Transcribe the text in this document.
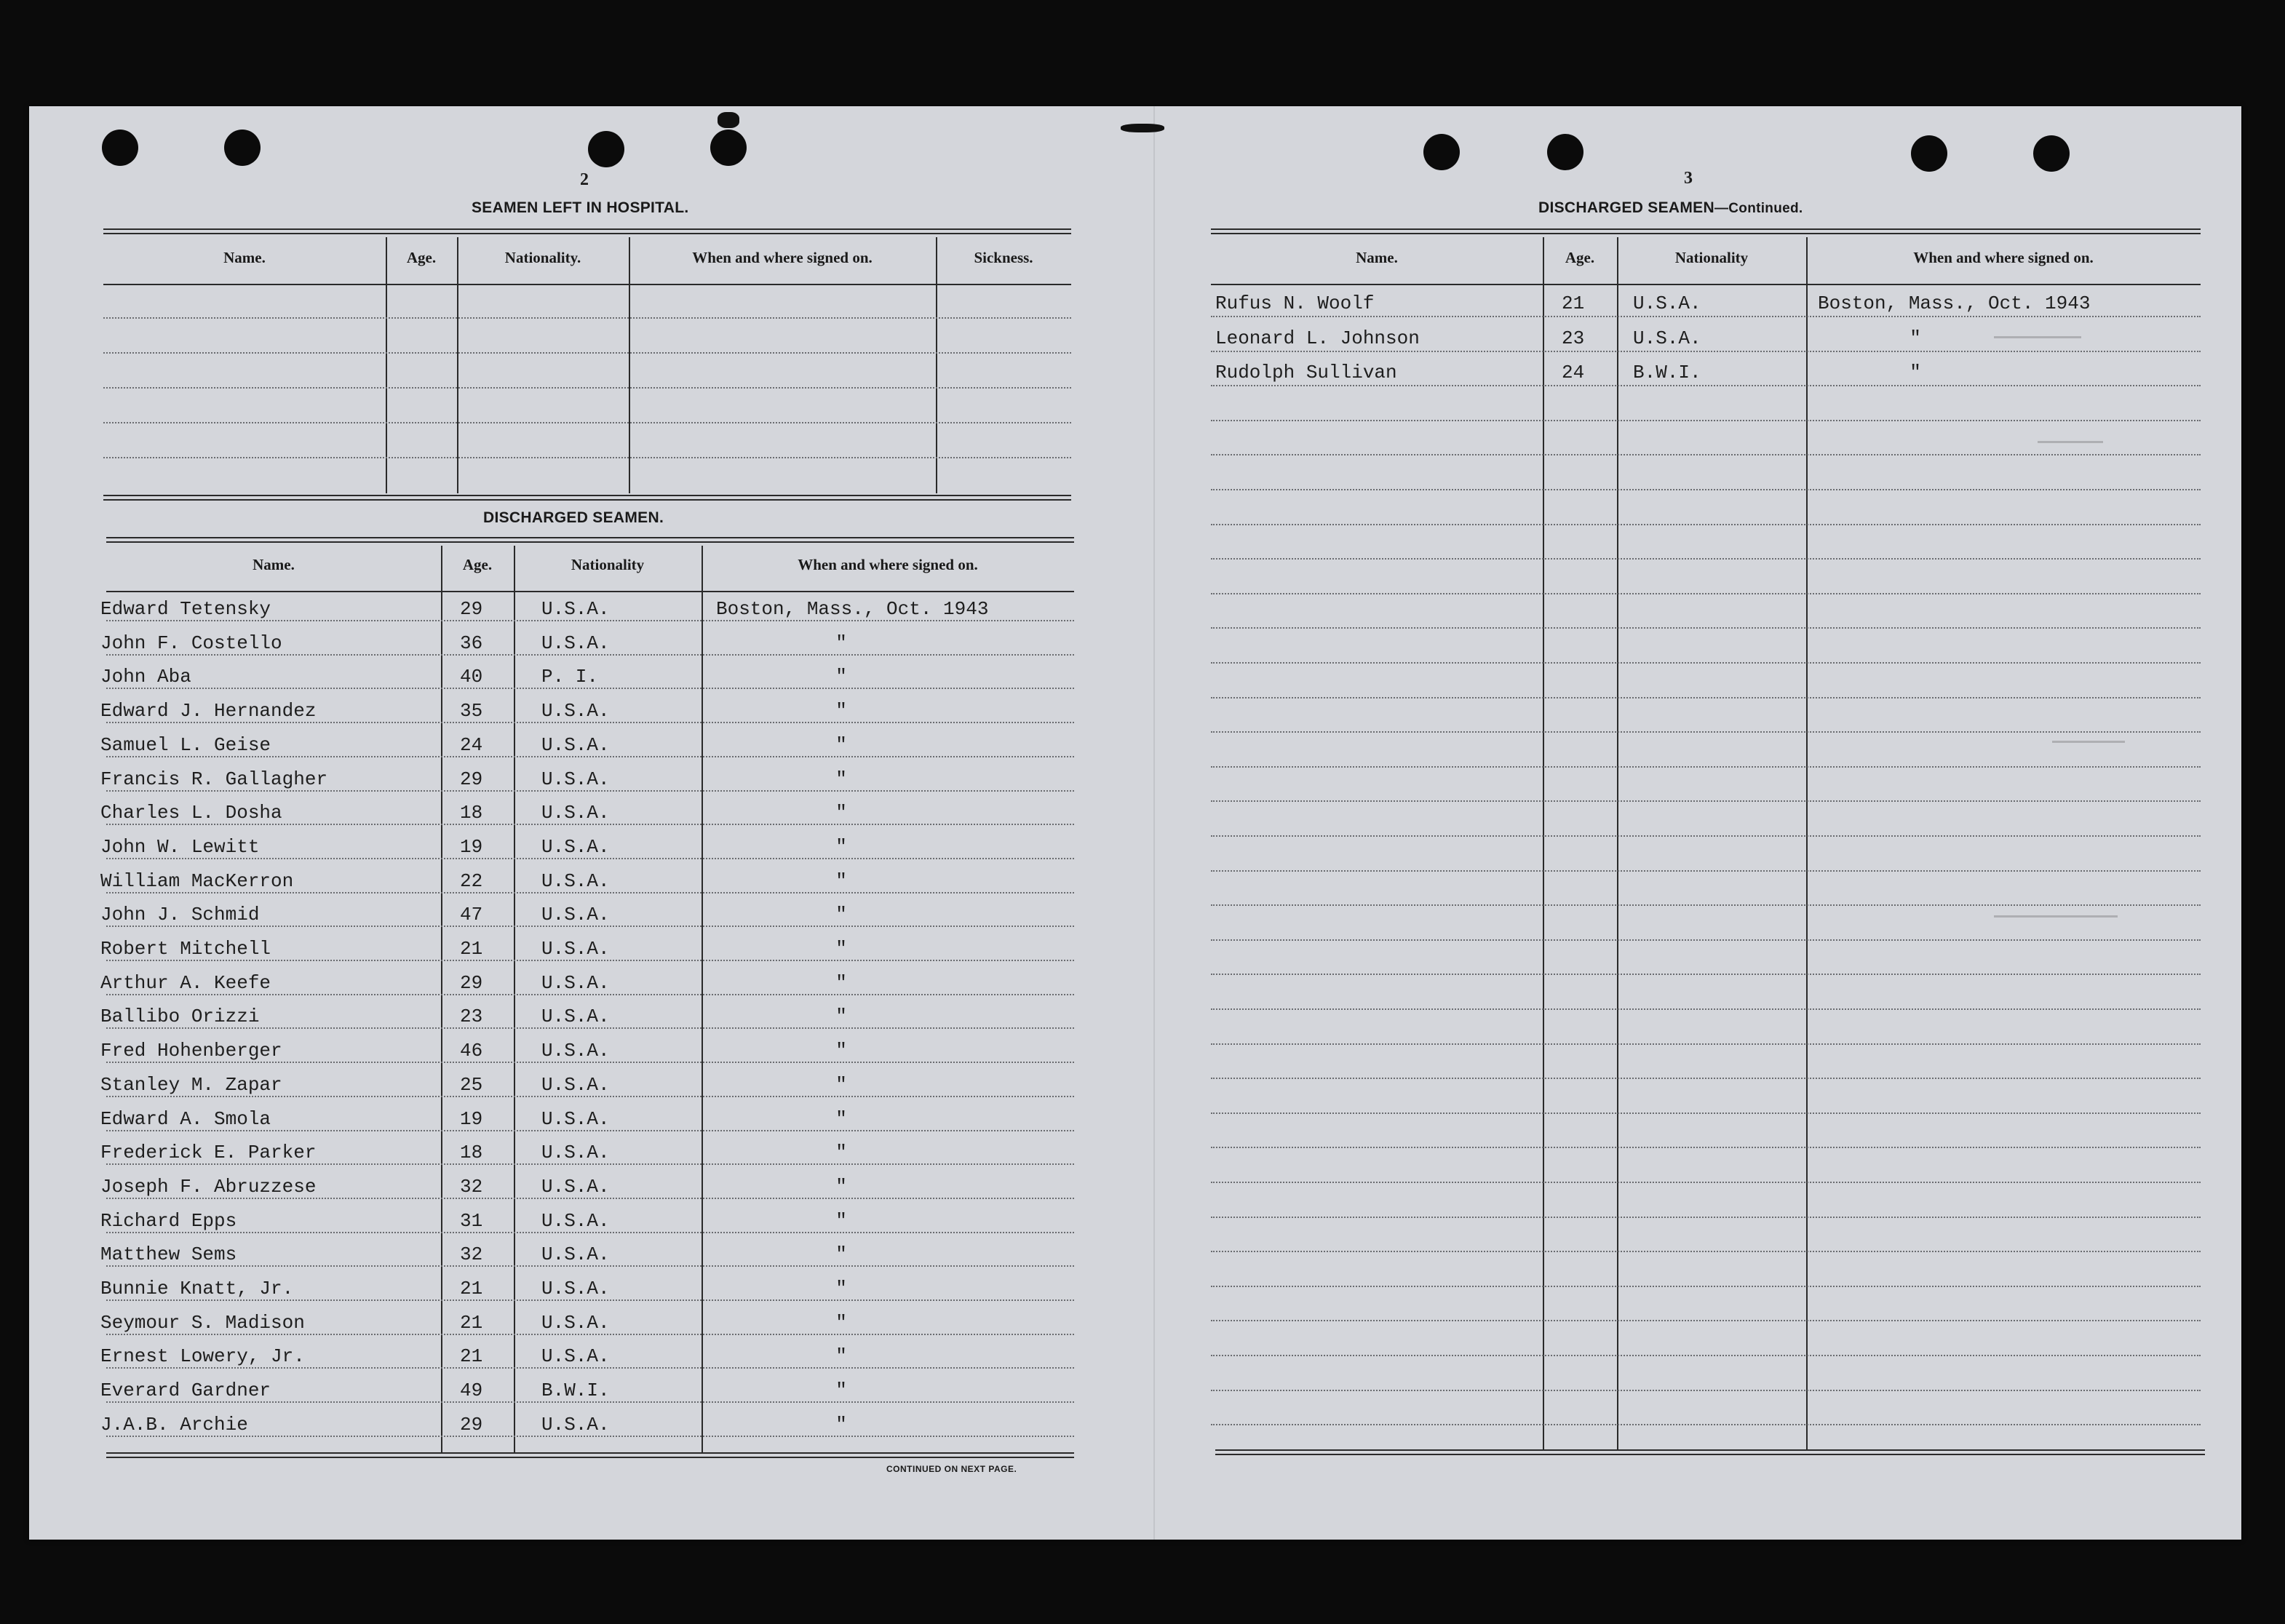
2
SEAMEN LEFT IN HOSPITAL.
Name.	Age.	Nationality.	When and where signed on.	Sickness.
DISCHARGED SEAMEN.
Name.	Age.	Nationality	When and where signed on.
Edward Tetensky	29	U.S.A.	Boston, Mass., Oct. 1943
John F. Costello	36	U.S.A.	"
John Aba	40	P. I.	"
Edward J. Hernandez	35	U.S.A.	"
Samuel L. Geise	24	U.S.A.	"
Francis R. Gallagher	29	U.S.A.	"
Charles L. Dosha	18	U.S.A.	"
John W. Lewitt	19	U.S.A.	"
William MacKerron	22	U.S.A.	"
John J. Schmid	47	U.S.A.	"
Robert Mitchell	21	U.S.A.	"
Arthur A. Keefe	29	U.S.A.	"
Ballibo Orizzi	23	U.S.A.	"
Fred Hohenberger	46	U.S.A.	"
Stanley M. Zapar	25	U.S.A.	"
Edward A. Smola	19	U.S.A.	"
Frederick E. Parker	18	U.S.A.	"
Joseph F. Abruzzese	32	U.S.A.	"
Richard Epps	31	U.S.A.	"
Matthew Sems	32	U.S.A.	"
Bunnie Knatt, Jr.	21	U.S.A.	"
Seymour S. Madison	21	U.S.A.	"
Ernest Lowery, Jr.	21	U.S.A.	"
Everard Gardner	49	B.W.I.	"
J.A.B. Archie	29	U.S.A.	"
CONTINUED ON NEXT PAGE.
3
DISCHARGED SEAMEN—Continued.
Name.	Age.	Nationality	When and where signed on.
Rufus N. Woolf	21	U.S.A.	Boston, Mass., Oct. 1943
Leonard L. Johnson	23	U.S.A.	"
Rudolph Sullivan	24	B.W.I.	"
